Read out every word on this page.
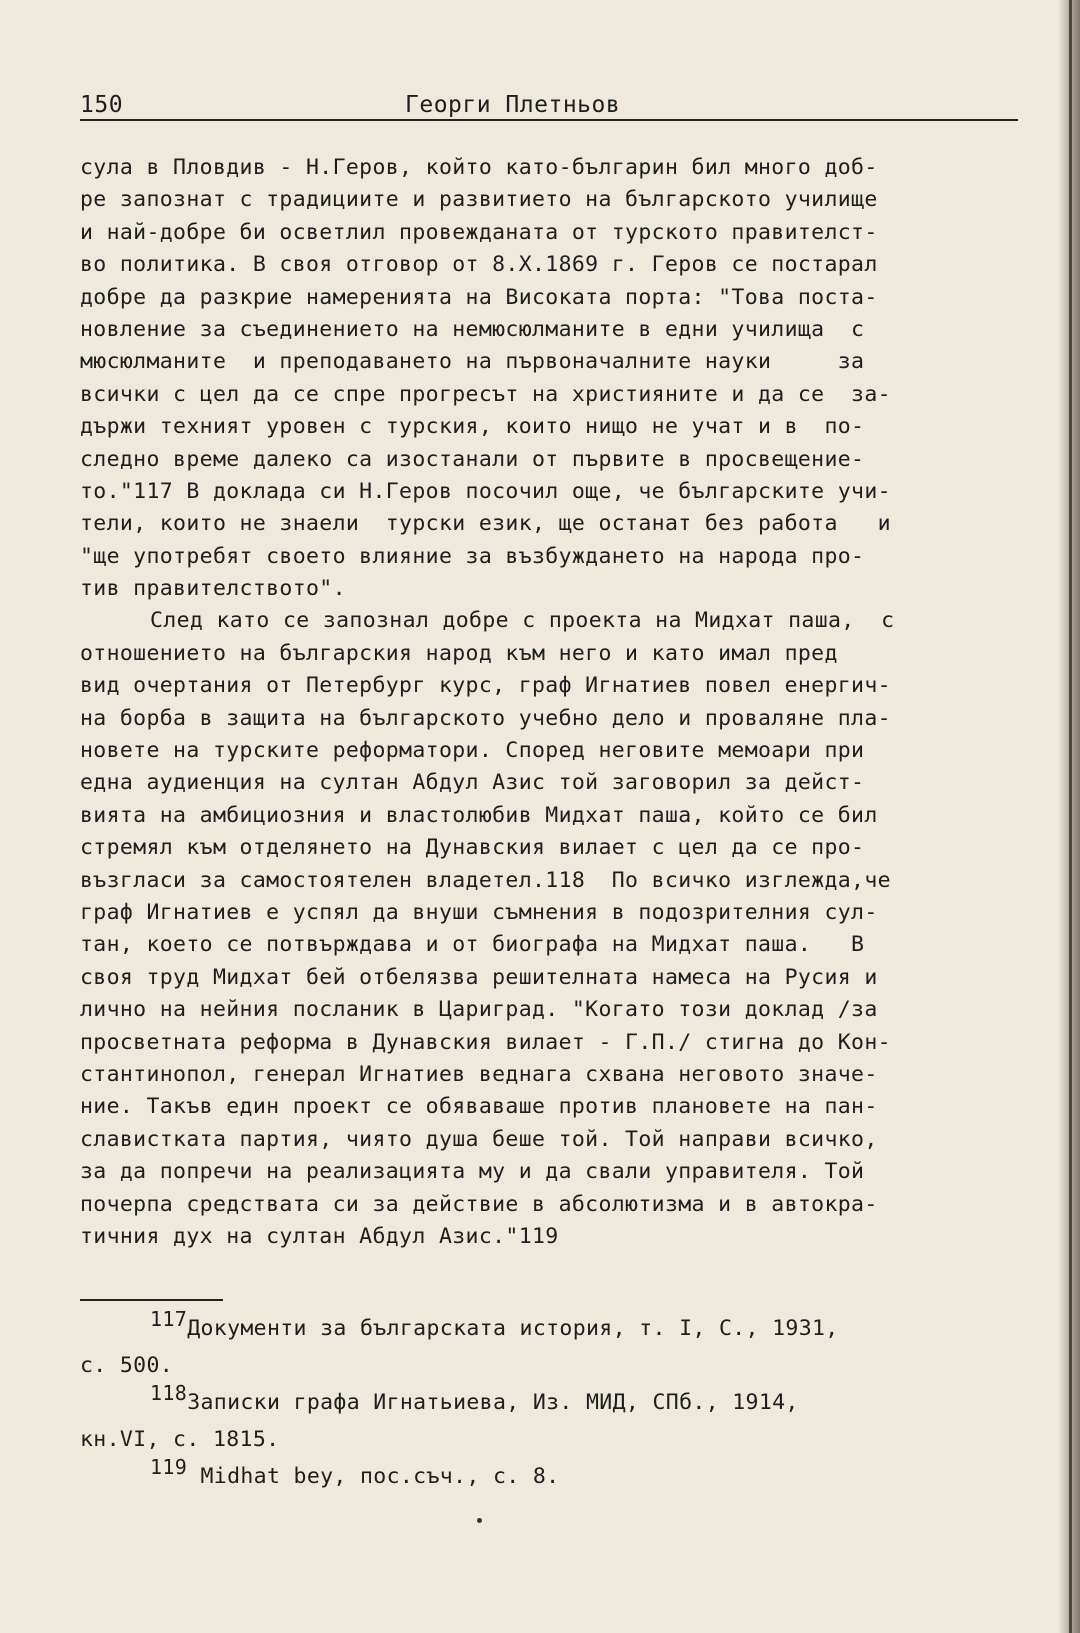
150	Георги Плетньов
сула в Пловдив - Н.Геров, който като-българин бил много доб-
ре запознат с традициите и развитието на българското училище
и най-добре би осветлил провежданата от турското правителст-
во политика. В своя отговор от 8.Х.1869 г. Геров се постарал
добре да разкрие намеренията на Високата порта: "Това поста-
новление за съединението на немюсюлманите в едни училища  с
мюсюлманите  и преподаването на първоначалните науки     за
всички с цел да се спре прогресът на християните и да се  за-
държи техният уровен с турския, които нищо не учат и в  по-
следно време далеко са изостанали от първите в просвещение-
то."117 В доклада си Н.Геров посочил още, че българските учи-
тели, които не знаели  турски език, ще останат без работа   и
"ще употребят своето влияние за възбуждането на народа про-
тив правителството".
След като се запознал добре с проекта на Мидхат паша,  с
отношението на българския народ към него и като имал пред
вид очертания от Петербург курс, граф Игнатиев повел енергич-
на борба в защита на българското учебно дело и проваляне пла-
новете на турските реформатори. Според неговите мемоари при
една аудиенция на султан Абдул Азис той заговорил за дейст-
вията на амбициозния и властолюбив Мидхат паша, който се бил
стремял към отделянето на Дунавския вилает с цел да се про-
възгласи за самостоятелен владетел.118  По всичко изглежда,че
граф Игнатиев е успял да внуши съмнения в подозрителния сул-
тан, което се потвърждава и от биографа на Мидхат паша.   В
своя труд Мидхат бей отбелязва решителната намеса на Русия и
лично на нейния посланик в Цариград. "Когато този доклад /за
просветната реформа в Дунавския вилает - Г.П./ стигна до Кон-
стантинопол, генерал Игнатиев веднага схвана неговото значе-
ние. Такъв един проект се обяваваше против плановете на пан-
славистката партия, чиято душа беше той. Той направи всичко,
за да попречи на реализацията му и да свали управителя. Той
почерпа средствата си за действие в абсолютизма и в автокра-
тичния дух на султан Абдул Азис."119
117Документи за българската история, т. I, С., 1931,
с. 500.
118Записки графа Игнатьиева, Из. МИД, СПб., 1914,
кн.VI, с. 1815.
119 Midhat bey, пос.съч., с. 8.
